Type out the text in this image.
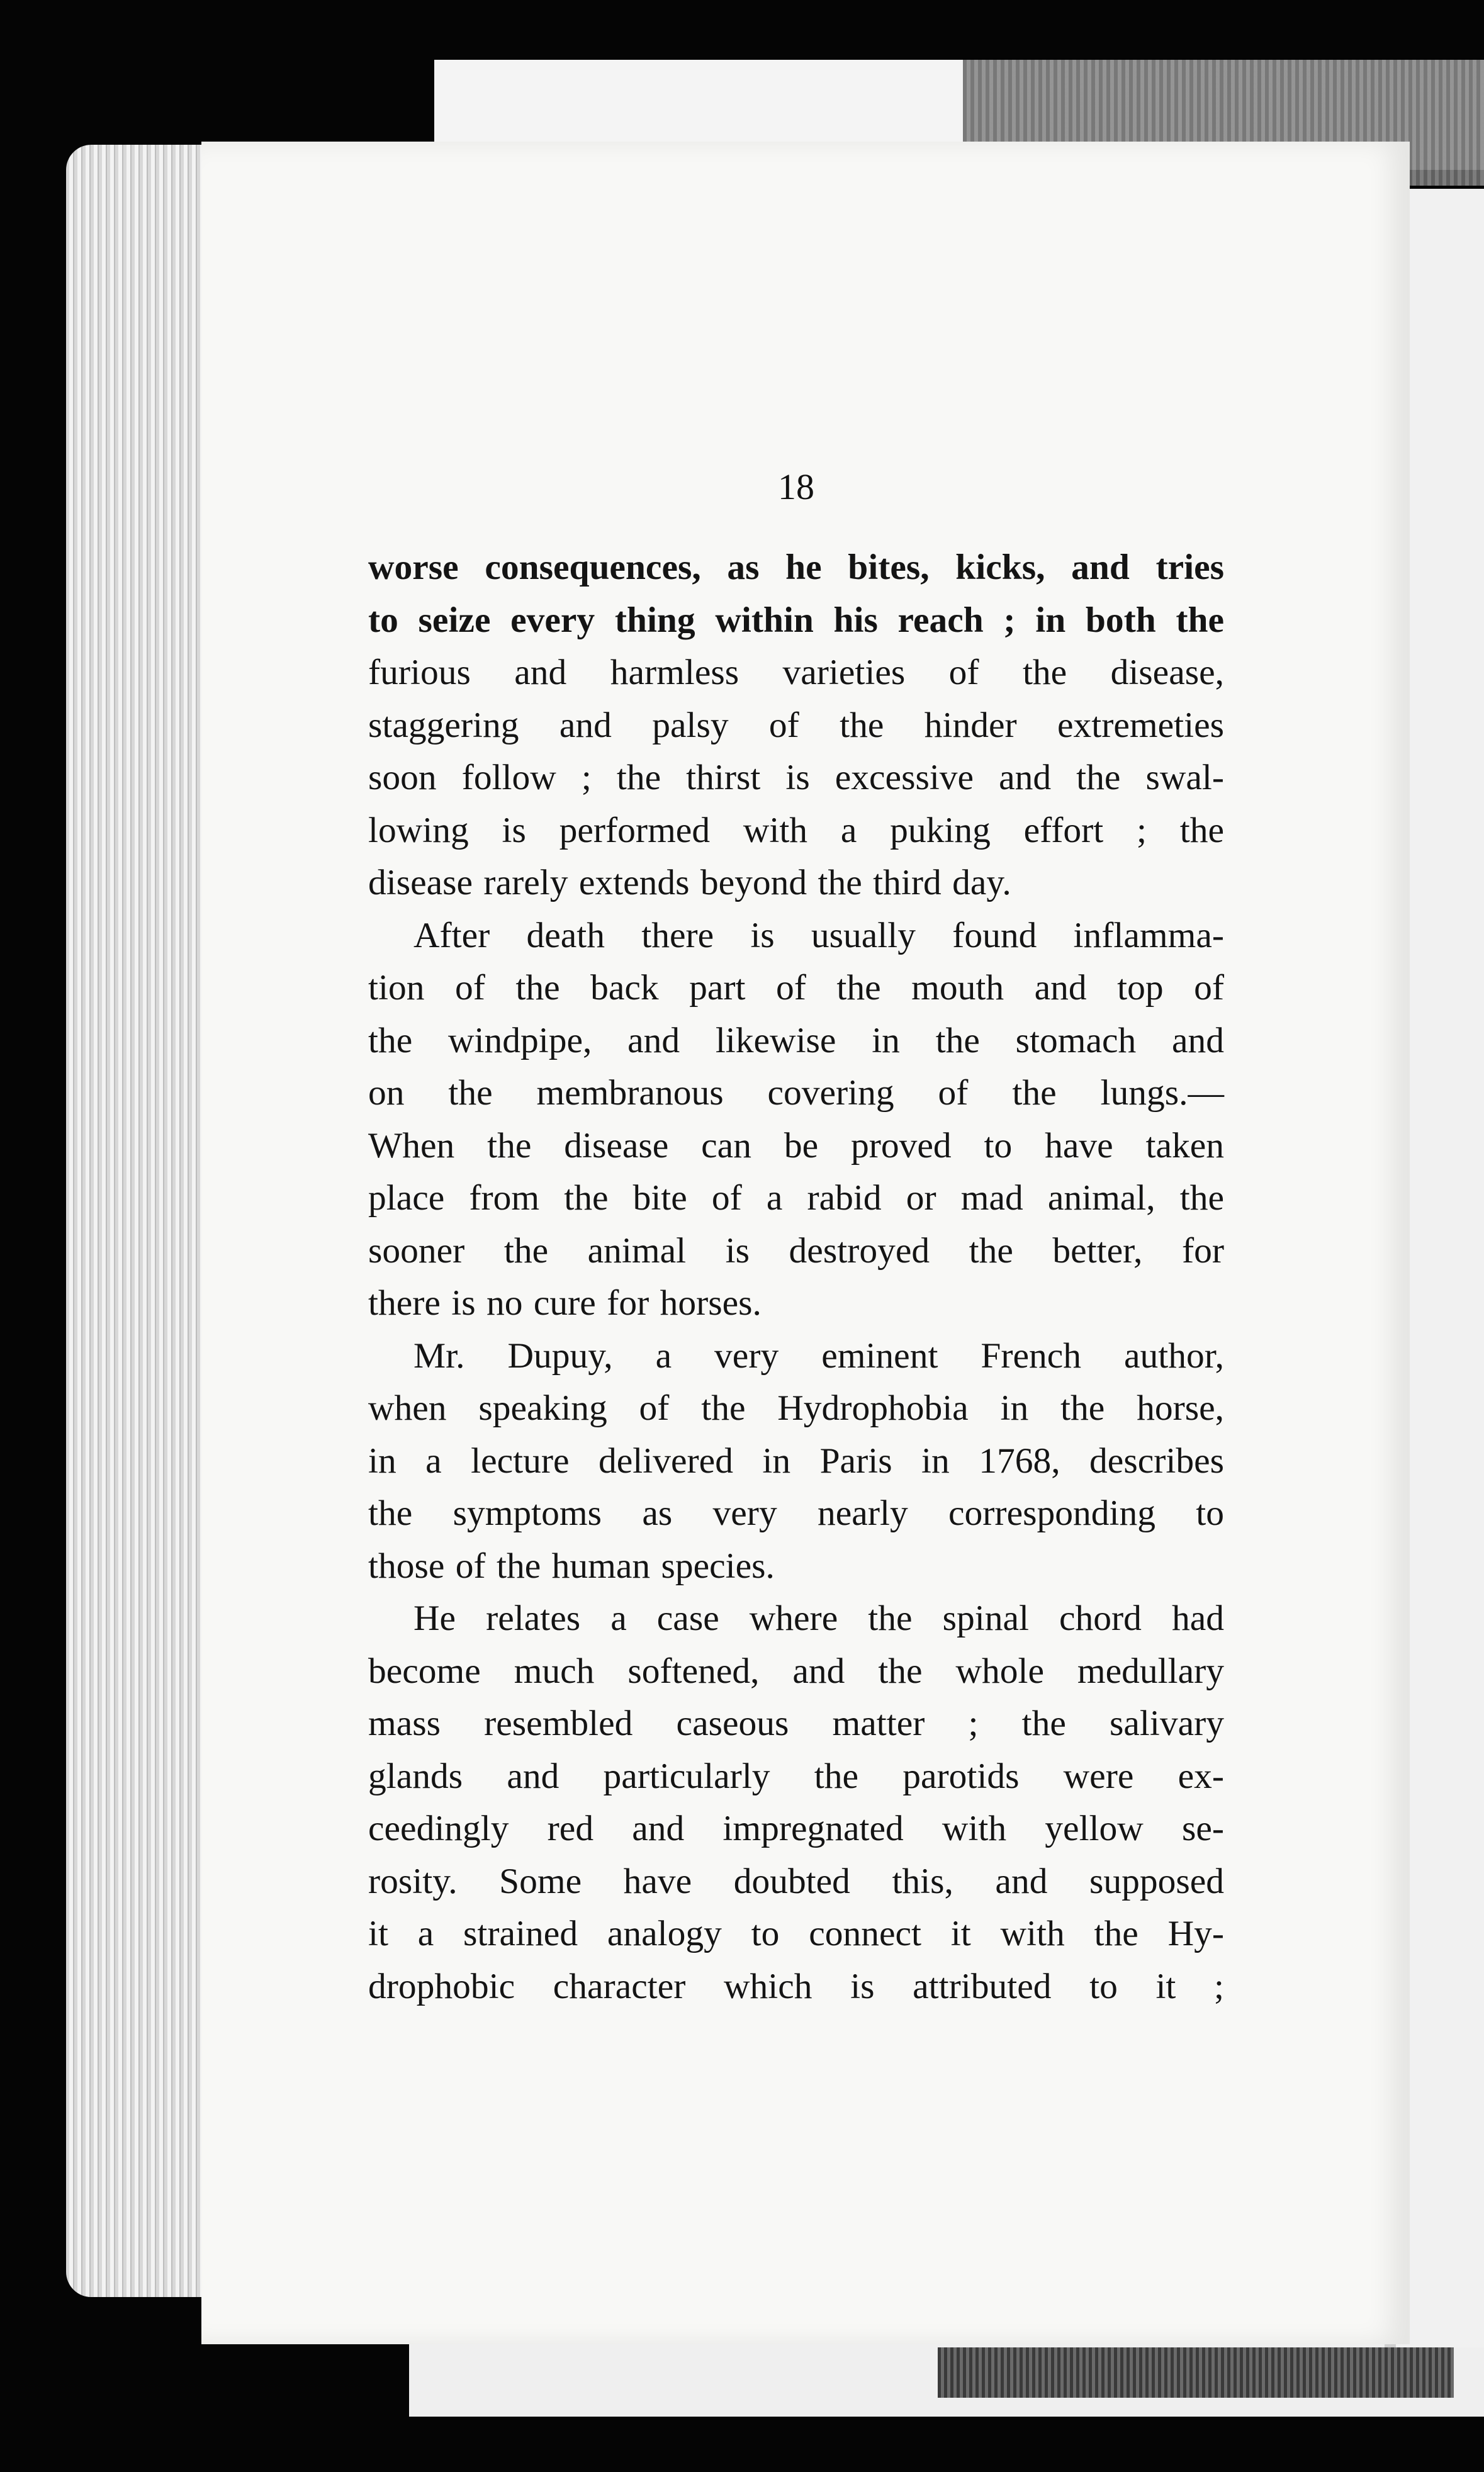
18
worse consequences, as he bites, kicks, and tries
to seize every thing within his reach ; in both the
furious and harmless varieties of the disease,
staggering and palsy of the hinder extremeties
soon follow ; the thirst is excessive and the swal-
lowing is performed with a puking effort ; the
disease rarely extends beyond the third day.
After death there is usually found inflamma-
tion of the back part of the mouth and top of
the windpipe, and likewise in the stomach and
on the membranous covering of the lungs.—
When the disease can be proved to have taken
place from the bite of a rabid or mad animal, the
sooner the animal is destroyed the better, for
there is no cure for horses.
Mr. Dupuy, a very eminent French author,
when speaking of the Hydrophobia in the horse,
in a lecture delivered in Paris in 1768, describes
the symptoms as very nearly corresponding to
those of the human species.
He relates a case where the spinal chord had
become much softened, and the whole medullary
mass resembled caseous matter ; the salivary
glands and particularly the parotids were ex-
ceedingly red and impregnated with yellow se-
rosity. Some have doubted this, and supposed
it a strained analogy to connect it with the Hy-
drophobic character which is attributed to it ;
